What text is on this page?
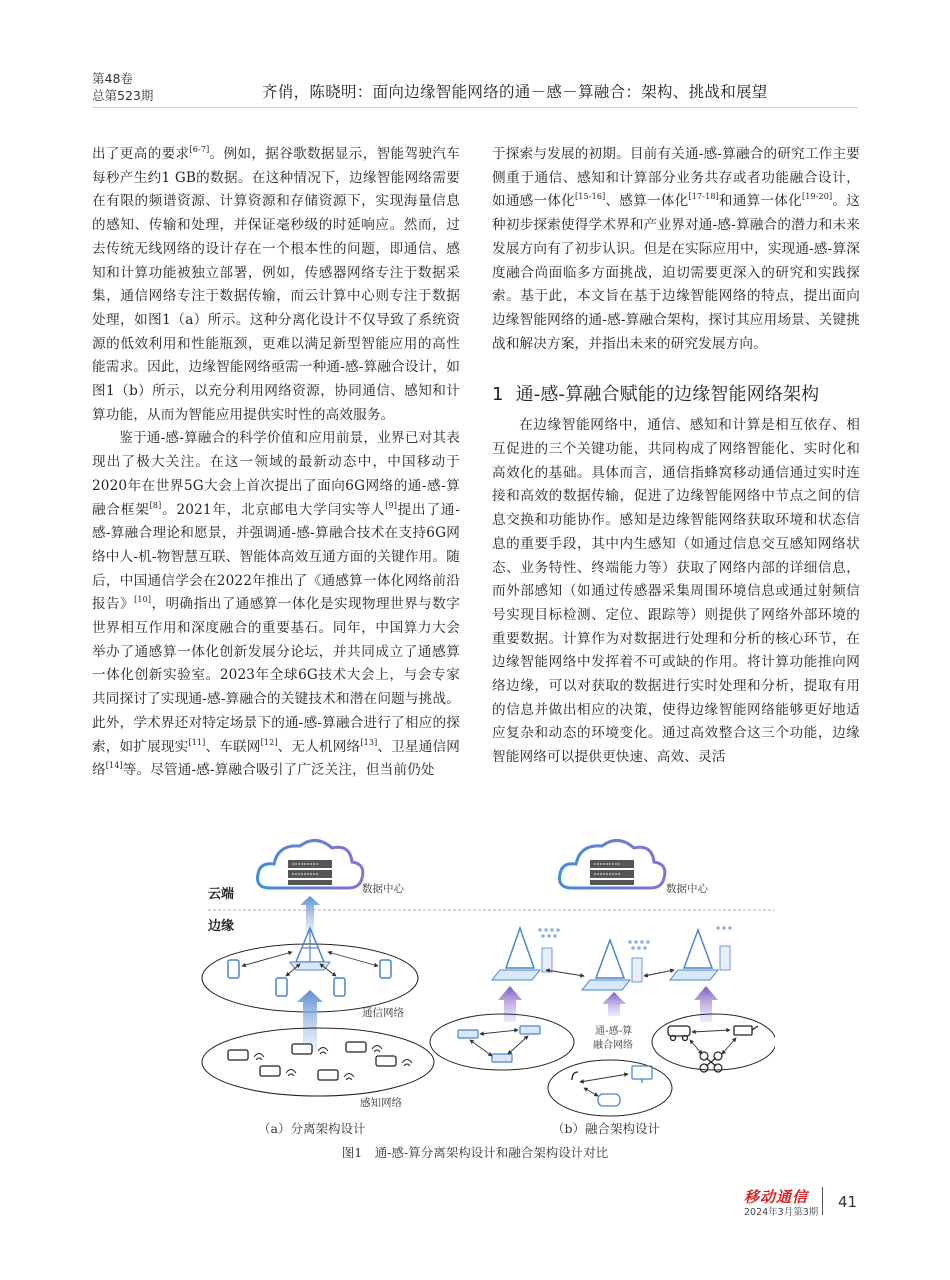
第48卷
总第523期	齐俏，陈晓明：面向边缘智能网络的通－感－算融合：架构、挑战和展望

出了更高的要求[6-7]。例如，据谷歌数据显示，智能驾驶汽车每秒产生约1 GB的数据。在这种情况下，边缘智能网络需要在有限的频谱资源、计算资源和存储资源下，实现海量信息的感知、传输和处理，并保证毫秒级的时延响应。然而，过去传统无线网络的设计存在一个根本性的问题，即通信、感知和计算功能被独立部署，例如，传感器网络专注于数据采集，通信网络专注于数据传输，而云计算中心则专注于数据处理，如图1（a）所示。这种分离化设计不仅导致了系统资源的低效利用和性能瓶颈，更难以满足新型智能应用的高性能需求。因此，边缘智能网络亟需一种通-感-算融合设计，如图1（b）所示，以充分利用网络资源，协同通信、感知和计算功能，从而为智能应用提供实时性的高效服务。

鉴于通-感-算融合的科学价值和应用前景，业界已对其表现出了极大关注。在这一领域的最新动态中，中国移动于2020年在世界5G大会上首次提出了面向6G网络的通-感-算融合框架[8]。2021年，北京邮电大学闫实等人[9]提出了通-感-算融合理论和愿景，并强调通-感-算融合技术在支持6G网络中人-机-物智慧互联、智能体高效互通方面的关键作用。随后，中国通信学会在2022年推出了《通感算一体化网络前沿报告》[10]，明确指出了通感算一体化是实现物理世界与数字世界相互作用和深度融合的重要基石。同年，中国算力大会举办了通感算一体化创新发展分论坛，并共同成立了通感算一体化创新实验室。2023年全球6G技术大会上，与会专家共同探讨了实现通-感-算融合的关键技术和潜在问题与挑战。此外，学术界还对特定场景下的通-感-算融合进行了相应的探索，如扩展现实[11]、车联网[12]、无人机网络[13]、卫星通信网络[14]等。尽管通-感-算融合吸引了广泛关注，但当前仍处

于探索与发展的初期。目前有关通-感-算融合的研究工作主要侧重于通信、感知和计算部分业务共存或者功能融合设计，如通感一体化[15-16]、感算一体化[17-18]和通算一体化[19-20]。这种初步探索使得学术界和产业界对通-感-算融合的潜力和未来发展方向有了初步认识。但是在实际应用中，实现通-感-算深度融合尚面临多方面挑战，迫切需要更深入的研究和实践探索。基于此，本文旨在基于边缘智能网络的特点，提出面向边缘智能网络的通-感-算融合架构，探讨其应用场景、关键挑战和解决方案，并指出未来的研究发展方向。

1 通-感-算融合赋能的边缘智能网络架构

在边缘智能网络中，通信、感知和计算是相互依存、相互促进的三个关键功能，共同构成了网络智能化、实时化和高效化的基础。具体而言，通信指蜂窝移动通信通过实时连接和高效的数据传输，促进了边缘智能网络中节点之间的信息交换和功能协作。感知是边缘智能网络获取环境和状态信息的重要手段，其中内生感知（如通过信息交互感知网络状态、业务特性、终端能力等）获取了网络内部的详细信息，而外部感知（如通过传感器采集周围环境信息或通过射频信号实现目标检测、定位、跟踪等）则提供了网络外部环境的重要数据。计算作为对数据进行处理和分析的核心环节，在边缘智能网络中发挥着不可或缺的作用。将计算功能推向网络边缘，可以对获取的数据进行实时处理和分析，提取有用的信息并做出相应的决策，使得边缘智能网络能够更好地适应复杂和动态的环境变化。通过高效整合这三个功能，边缘智能网络可以提供更快速、高效、灵活

云端
边缘
数据中心
通信网络
感知网络
数据中心
通-感-算
融合网络
（a）分离架构设计	（b）融合架构设计
图1　通-感-算分离架构设计和融合架构设计对比
移动通信
2024年3月第3期
41
